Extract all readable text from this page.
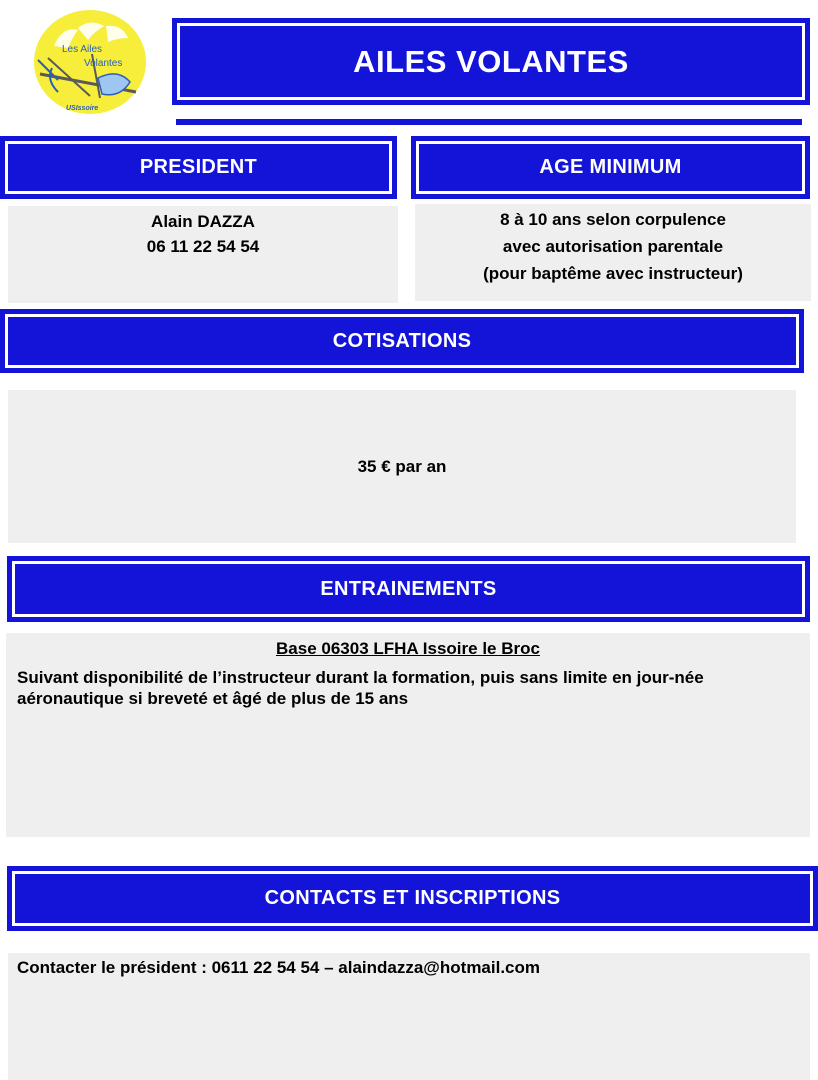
Les Ailes
Volantes
USIssoire
AILES VOLANTES
PRESIDENT
Alain DAZZA
06 11 22 54 54
AGE MINIMUM
8 à 10 ans selon corpulence
avec autorisation parentale
(pour baptême avec instructeur)
COTISATIONS
35 € par an
ENTRAINEMENTS
Base 06303 LFHA Issoire le Broc
Suivant disponibilité de l’instructeur durant la formation, puis sans limite en jour-née aéronautique si breveté et âgé de plus de 15 ans
CONTACTS ET INSCRIPTIONS
Contacter le président : 0611 22 54 54 – alaindazza@hotmail.com
